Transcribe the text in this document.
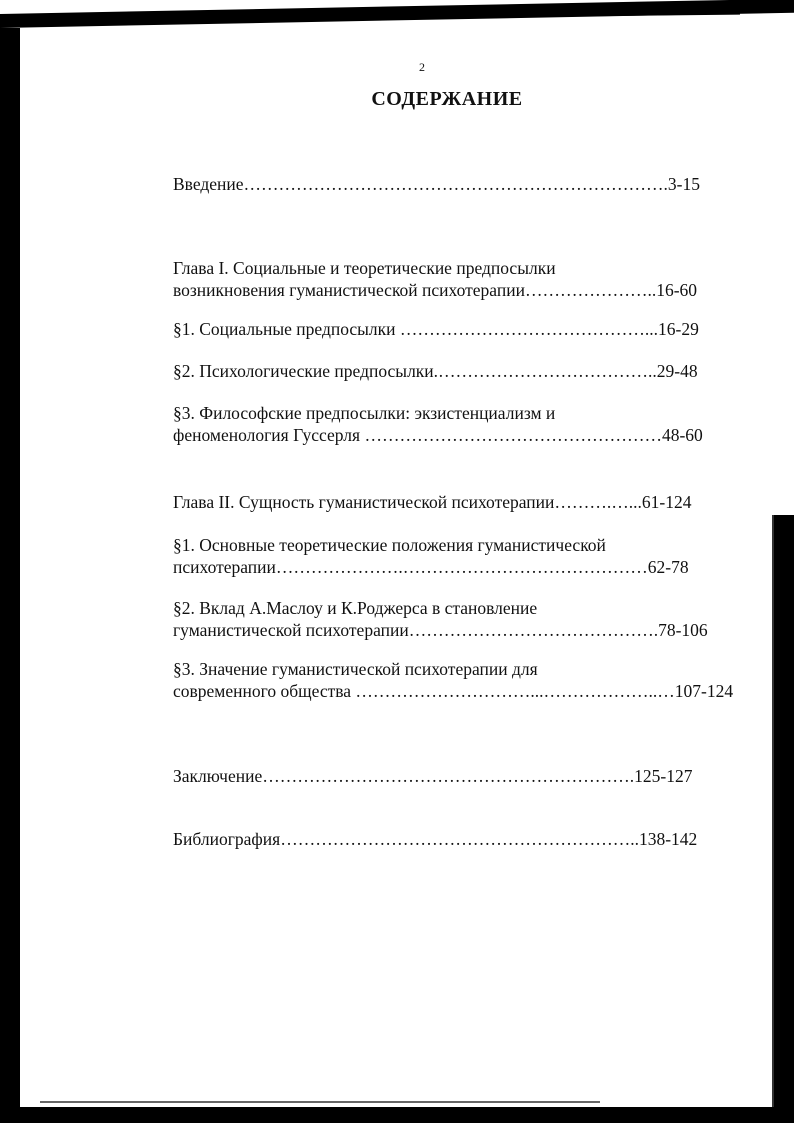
2
СОДЕРЖАНИЕ
Введение……………………………………………………………….3-15
Глава I. Социальные и теоретические предпосылки
возникновения гуманистической психотерапии…………………..16-60
§1. Социальные предпосылки ……………………………………...16-29
§2. Психологические предпосылки.………………………………..29-48
§3. Философские предпосылки: экзистенциализм и
феноменология Гуссерля ……………………………………………48-60
Глава II. Сущность гуманистической психотерапии……….…...61-124
§1. Основные теоретические положения гуманистической
психотерапии………………….……………………………………62-78
§2. Вклад А.Маслоу и К.Роджерса в становление
гуманистической психотерапии…………………………………….78-106
§3. Значение гуманистической психотерапии для
современного общества …………………………...………………..…107-124
Заключение……………………………………………………….125-127
Библиография……………………………………………………..138-142
